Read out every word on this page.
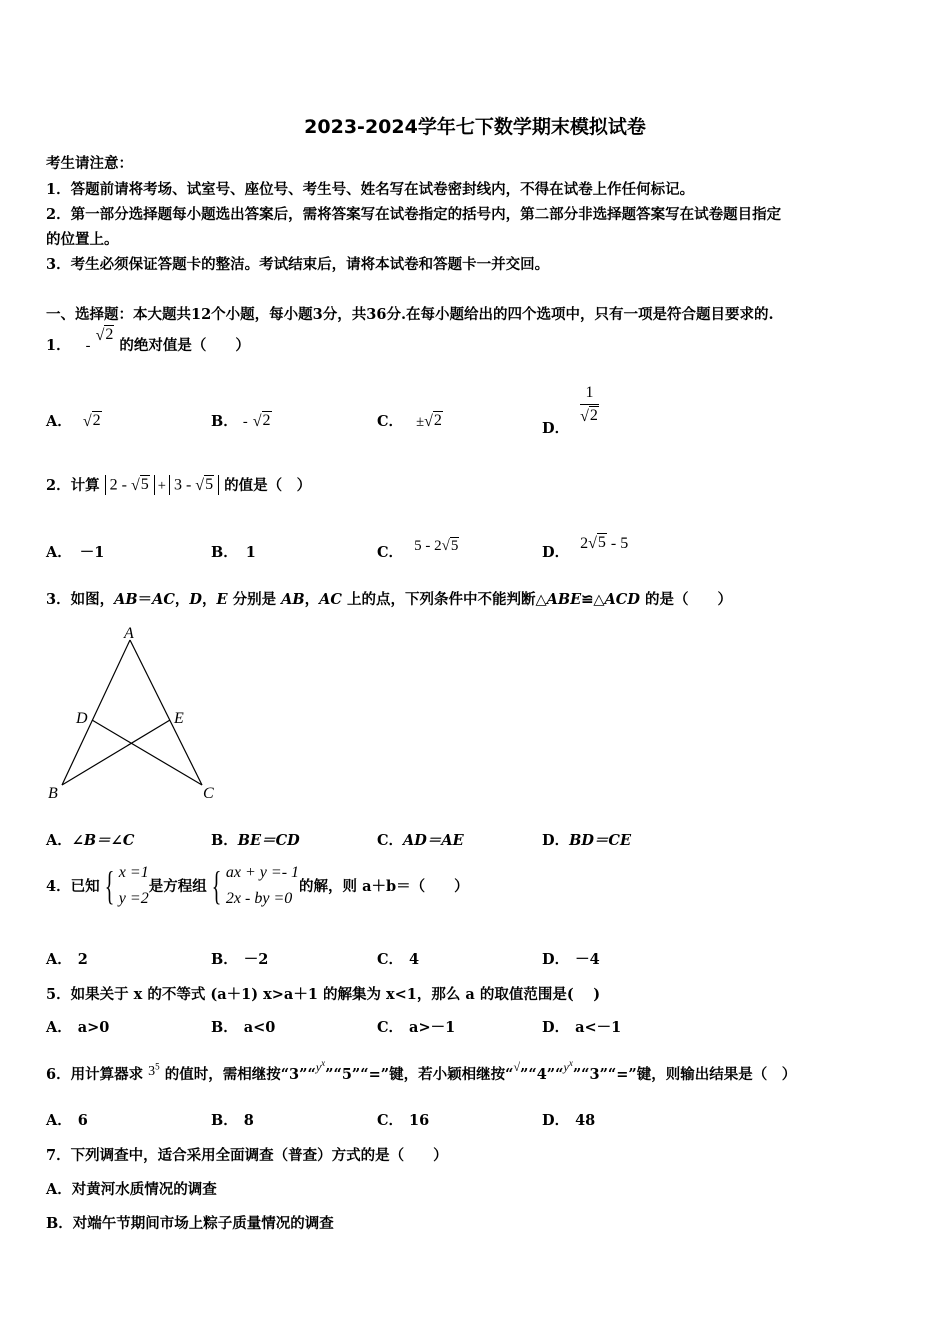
2023-2024学年七下数学期末模拟试卷
考生请注意：
1．答题前请将考场、试室号、座位号、考生号、姓名写在试卷密封线内，不得在试卷上作任何标记。
2．第一部分选择题每小题选出答案后，需将答案写在试卷指定的括号内，第二部分非选择题答案写在试卷题目指定
的位置上。
3．考生必须保证答题卡的整洁。考试结束后，请将本试卷和答题卡一并交回。
一、选择题：本大题共12个小题，每小题3分，共36分.在每小题给出的四个选项中，只有一项是符合题目要求的.
1． -
√ 2
的绝对值是（　　）
A． √ 2	B． - √ 2	C． ± √ 2	D．
$\frac{1}{√ 2}$
2．计算 2 - √ 5 + 3 - √ 5 的值是（　）
A． －1	B． 1	C． 5 - 2 √ 5	D． 2 √ 5 - 5
3．如图，AB＝AC，D，E 分别是 AB，AC 上的点，下列条件中不能判断△ABE≌△ACD 的是（　　）
A
D	E
B	C
A．∠B＝∠C	B．BE＝CD	C．AD＝AE	D．BD＝CE
4．已知 { x =1
y =2
是方程组 { ax + y =- 1
2x - by =0
的解，则 a＋b＝（　　）
A． 2	B． －2	C． 4	D． －4
5．如果关于 x 的不等式 (a＋1) x>a＋1 的解集为 x<1，那么 a 的取值范围是(　 )
A． a>0	B． a<0	C． a>－1	D． a<－1
6．用计算器求 $3^5$ 的值时，需相继按“3”“$^{y^x}$”“5”“=”键，若小颖相继按“√”“4”“$^{y^x}$”“3”“=”键，则输出结果是（　）
A． 6	B． 8	C． 16	D． 48
7．下列调查中，适合采用全面调查（普查）方式的是（　　）
A．对黄河水质情况的调查
B．对端午节期间市场上粽子质量情况的调查
